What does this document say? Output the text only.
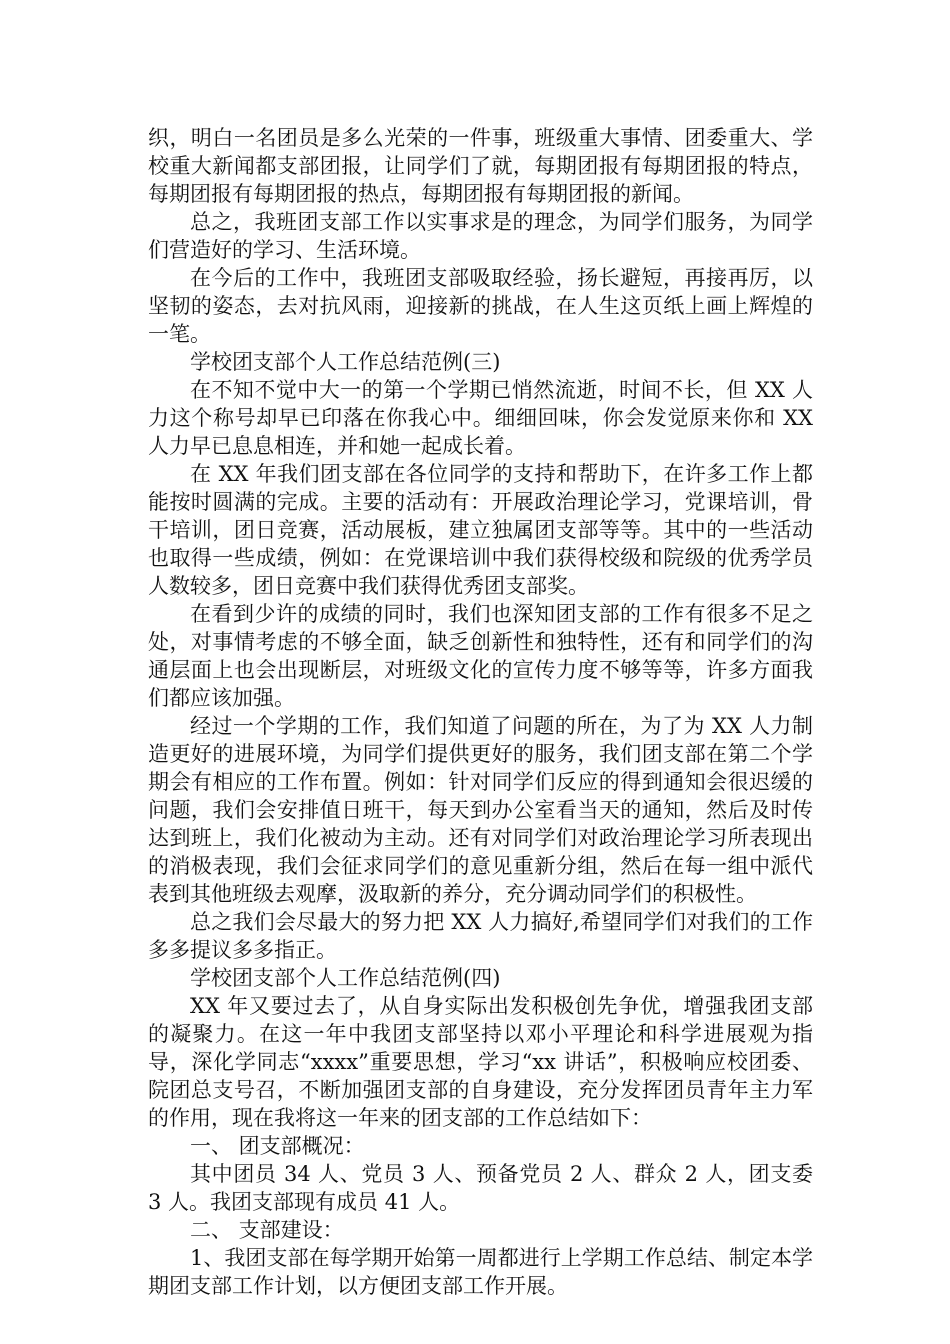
织，明白一名团员是多么光荣的一件事，班级重大事情、团委重大、学校重大新闻都支部团报，让同学们了就，每期团报有每期团报的特点，每期团报有每期团报的热点，每期团报有每期团报的新闻。

总之，我班团支部工作以实事求是的理念，为同学们服务，为同学们营造好的学习、生活环境。

在今后的工作中，我班团支部吸取经验，扬长避短，再接再厉，以坚韧的姿态，去对抗风雨，迎接新的挑战，在人生这页纸上画上辉煌的一笔。

学校团支部个人工作总结范例(三)

在不知不觉中大一的第一个学期已悄然流逝，时间不长，但 XX 人力这个称号却早已印落在你我心中。细细回味，你会发觉原来你和 XX 人力早已息息相连，并和她一起成长着。

在 XX 年我们团支部在各位同学的支持和帮助下，在许多工作上都能按时圆满的完成。主要的活动有：开展政治理论学习，党课培训，骨干培训，团日竞赛，活动展板，建立独属团支部等等。其中的一些活动也取得一些成绩，例如：在党课培训中我们获得校级和院级的优秀学员人数较多，团日竞赛中我们获得优秀团支部奖。

在看到少许的成绩的同时，我们也深知团支部的工作有很多不足之处，对事情考虑的不够全面，缺乏创新性和独特性，还有和同学们的沟通层面上也会出现断层，对班级文化的宣传力度不够等等，许多方面我们都应该加强。

经过一个学期的工作，我们知道了问题的所在，为了为 XX 人力制造更好的进展环境，为同学们提供更好的服务，我们团支部在第二个学期会有相应的工作布置。例如：针对同学们反应的得到通知会很迟缓的问题，我们会安排值日班干，每天到办公室看当天的通知，然后及时传达到班上，我们化被动为主动。还有对同学们对政治理论学习所表现出的消极表现，我们会征求同学们的意见重新分组，然后在每一组中派代表到其他班级去观摩，汲取新的养分，充分调动同学们的积极性。

总之我们会尽最大的努力把 XX 人力搞好,希望同学们对我们的工作多多提议多多指正。

学校团支部个人工作总结范例(四)

XX 年又要过去了，从自身实际出发积极创先争优，增强我团支部的凝聚力。在这一年中我团支部坚持以邓小平理论和科学进展观为指导，深化学同志“xxxx”重要思想，学习“xx 讲话”，积极响应校团委、院团总支号召，不断加强团支部的自身建设，充分发挥团员青年主力军的作用，现在我将这一年来的团支部的工作总结如下：

一、 团支部概况：

其中团员 34 人、党员 3 人、预备党员 2 人、群众 2 人，团支委 3 人。我团支部现有成员 41 人。

二、 支部建设：

1、我团支部在每学期开始第一周都进行上学期工作总结、制定本学期团支部工作计划，以方便团支部工作开展。
